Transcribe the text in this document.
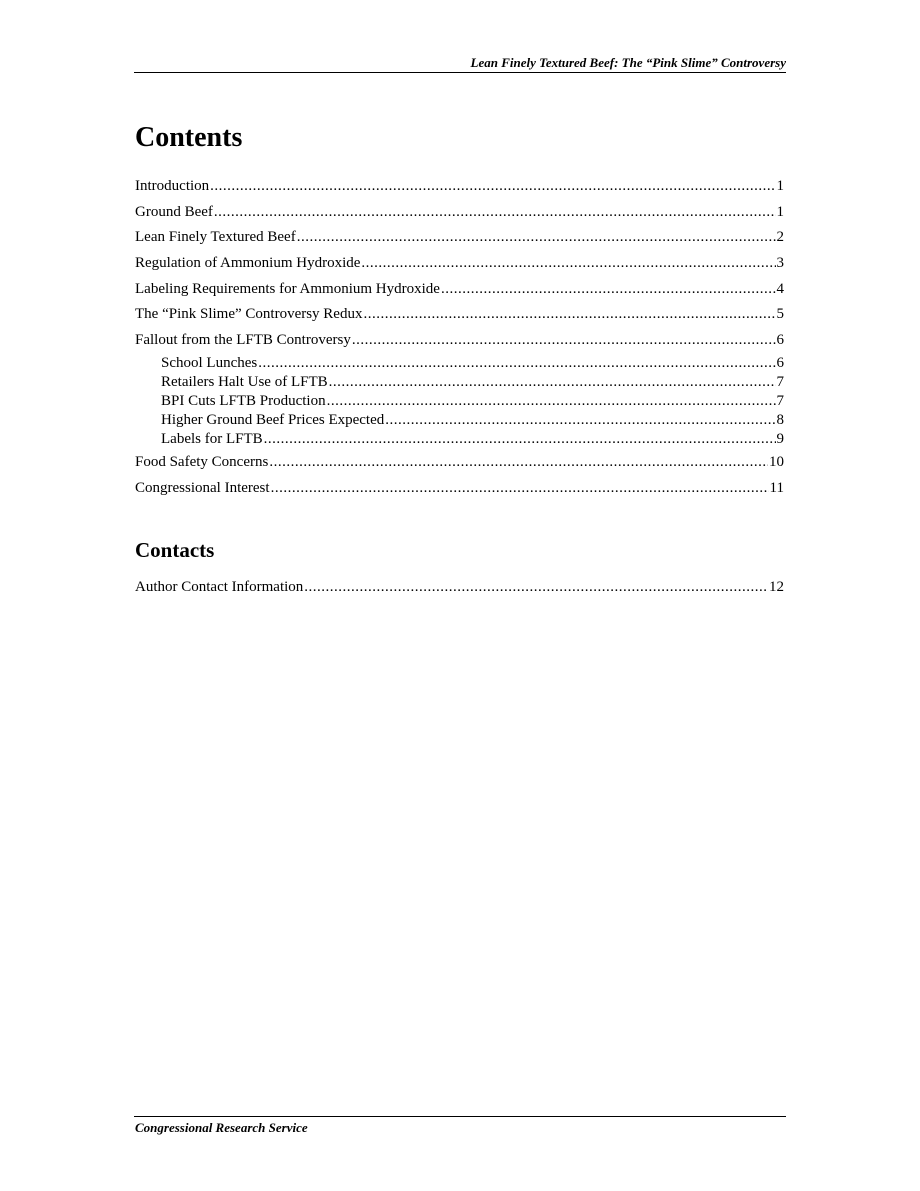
Lean Finely Textured Beef: The “Pink Slime” Controversy
Contents
Introduction .....	1
Ground Beef .....	1
Lean Finely Textured Beef .....	2
Regulation of Ammonium Hydroxide .....	3
Labeling Requirements for Ammonium Hydroxide .....	4
The “Pink Slime” Controversy Redux .....	5
Fallout from the LFTB Controversy .....	6
School Lunches .....	6
Retailers Halt Use of LFTB .....	7
BPI Cuts LFTB Production .....	7
Higher Ground Beef Prices Expected .....	8
Labels for LFTB .....	9
Food Safety Concerns .....	10
Congressional Interest .....	11
Contacts
Author Contact Information .....	12
Congressional Research Service
